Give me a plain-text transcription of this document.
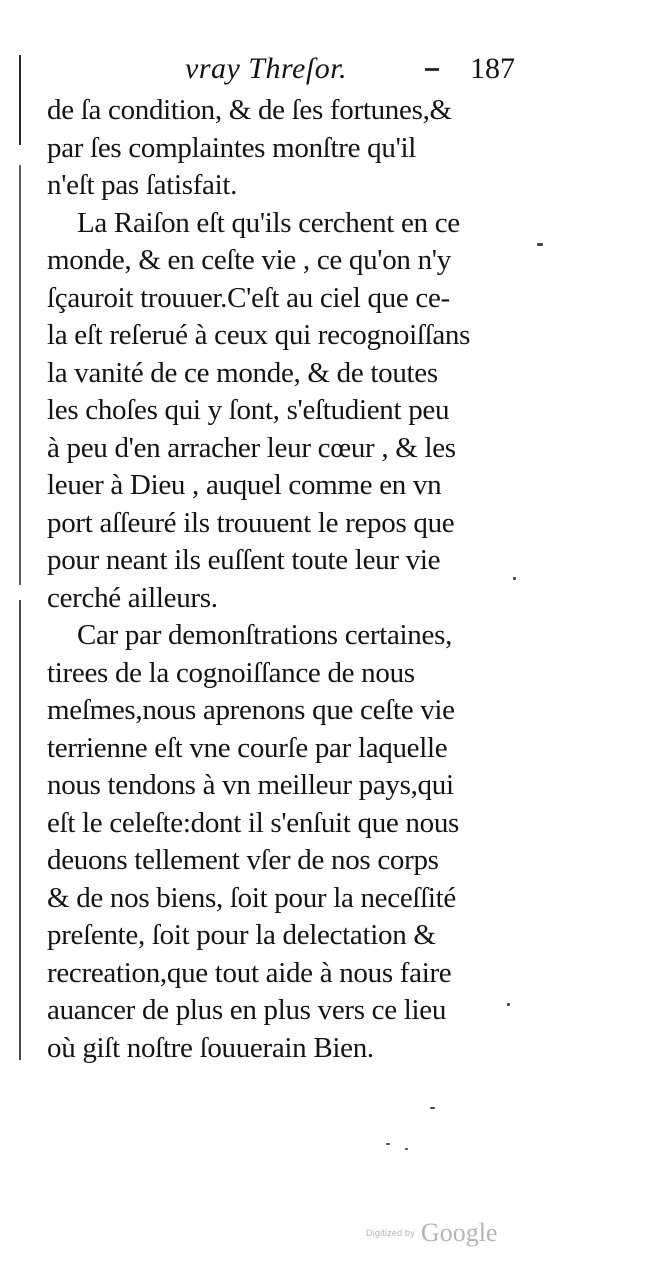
vray Threſor.	187
de ſa condition, & de ſes fortunes,&
par ſes complaintes monſtre qu'il
n'eſt pas ſatisfait.
La Raiſon eſt qu'ils cerchent en ce
monde, & en ceſte vie , ce qu'on n'y
ſçauroit trouuer.C'eſt au ciel que ce-
la eſt reſerué à ceux qui recognoiſſans
la vanité de ce monde, & de toutes
les choſes qui y ſont, s'eſtudient peu
à peu d'en arracher leur cœur , & les
leuer à Dieu , auquel comme en vn
port aſſeuré ils trouuent le repos que
pour neant ils euſſent toute leur vie
cerché ailleurs.
Car par demonſtrations certaines,
tirees de la cognoiſſance de nous
meſmes,nous aprenons que ceſte vie
terrienne eſt vne courſe par laquelle
nous tendons à vn meilleur pays,qui
eſt le celeſte:dont il s'enſuit que nous
deuons tellement vſer de nos corps
& de nos biens, ſoit pour la neceſſité
preſente, ſoit pour la delectation &
recreation,que tout aide à nous faire
auancer de plus en plus vers ce lieu
où giſt noſtre ſouuerain Bien.
Digitized by Google
